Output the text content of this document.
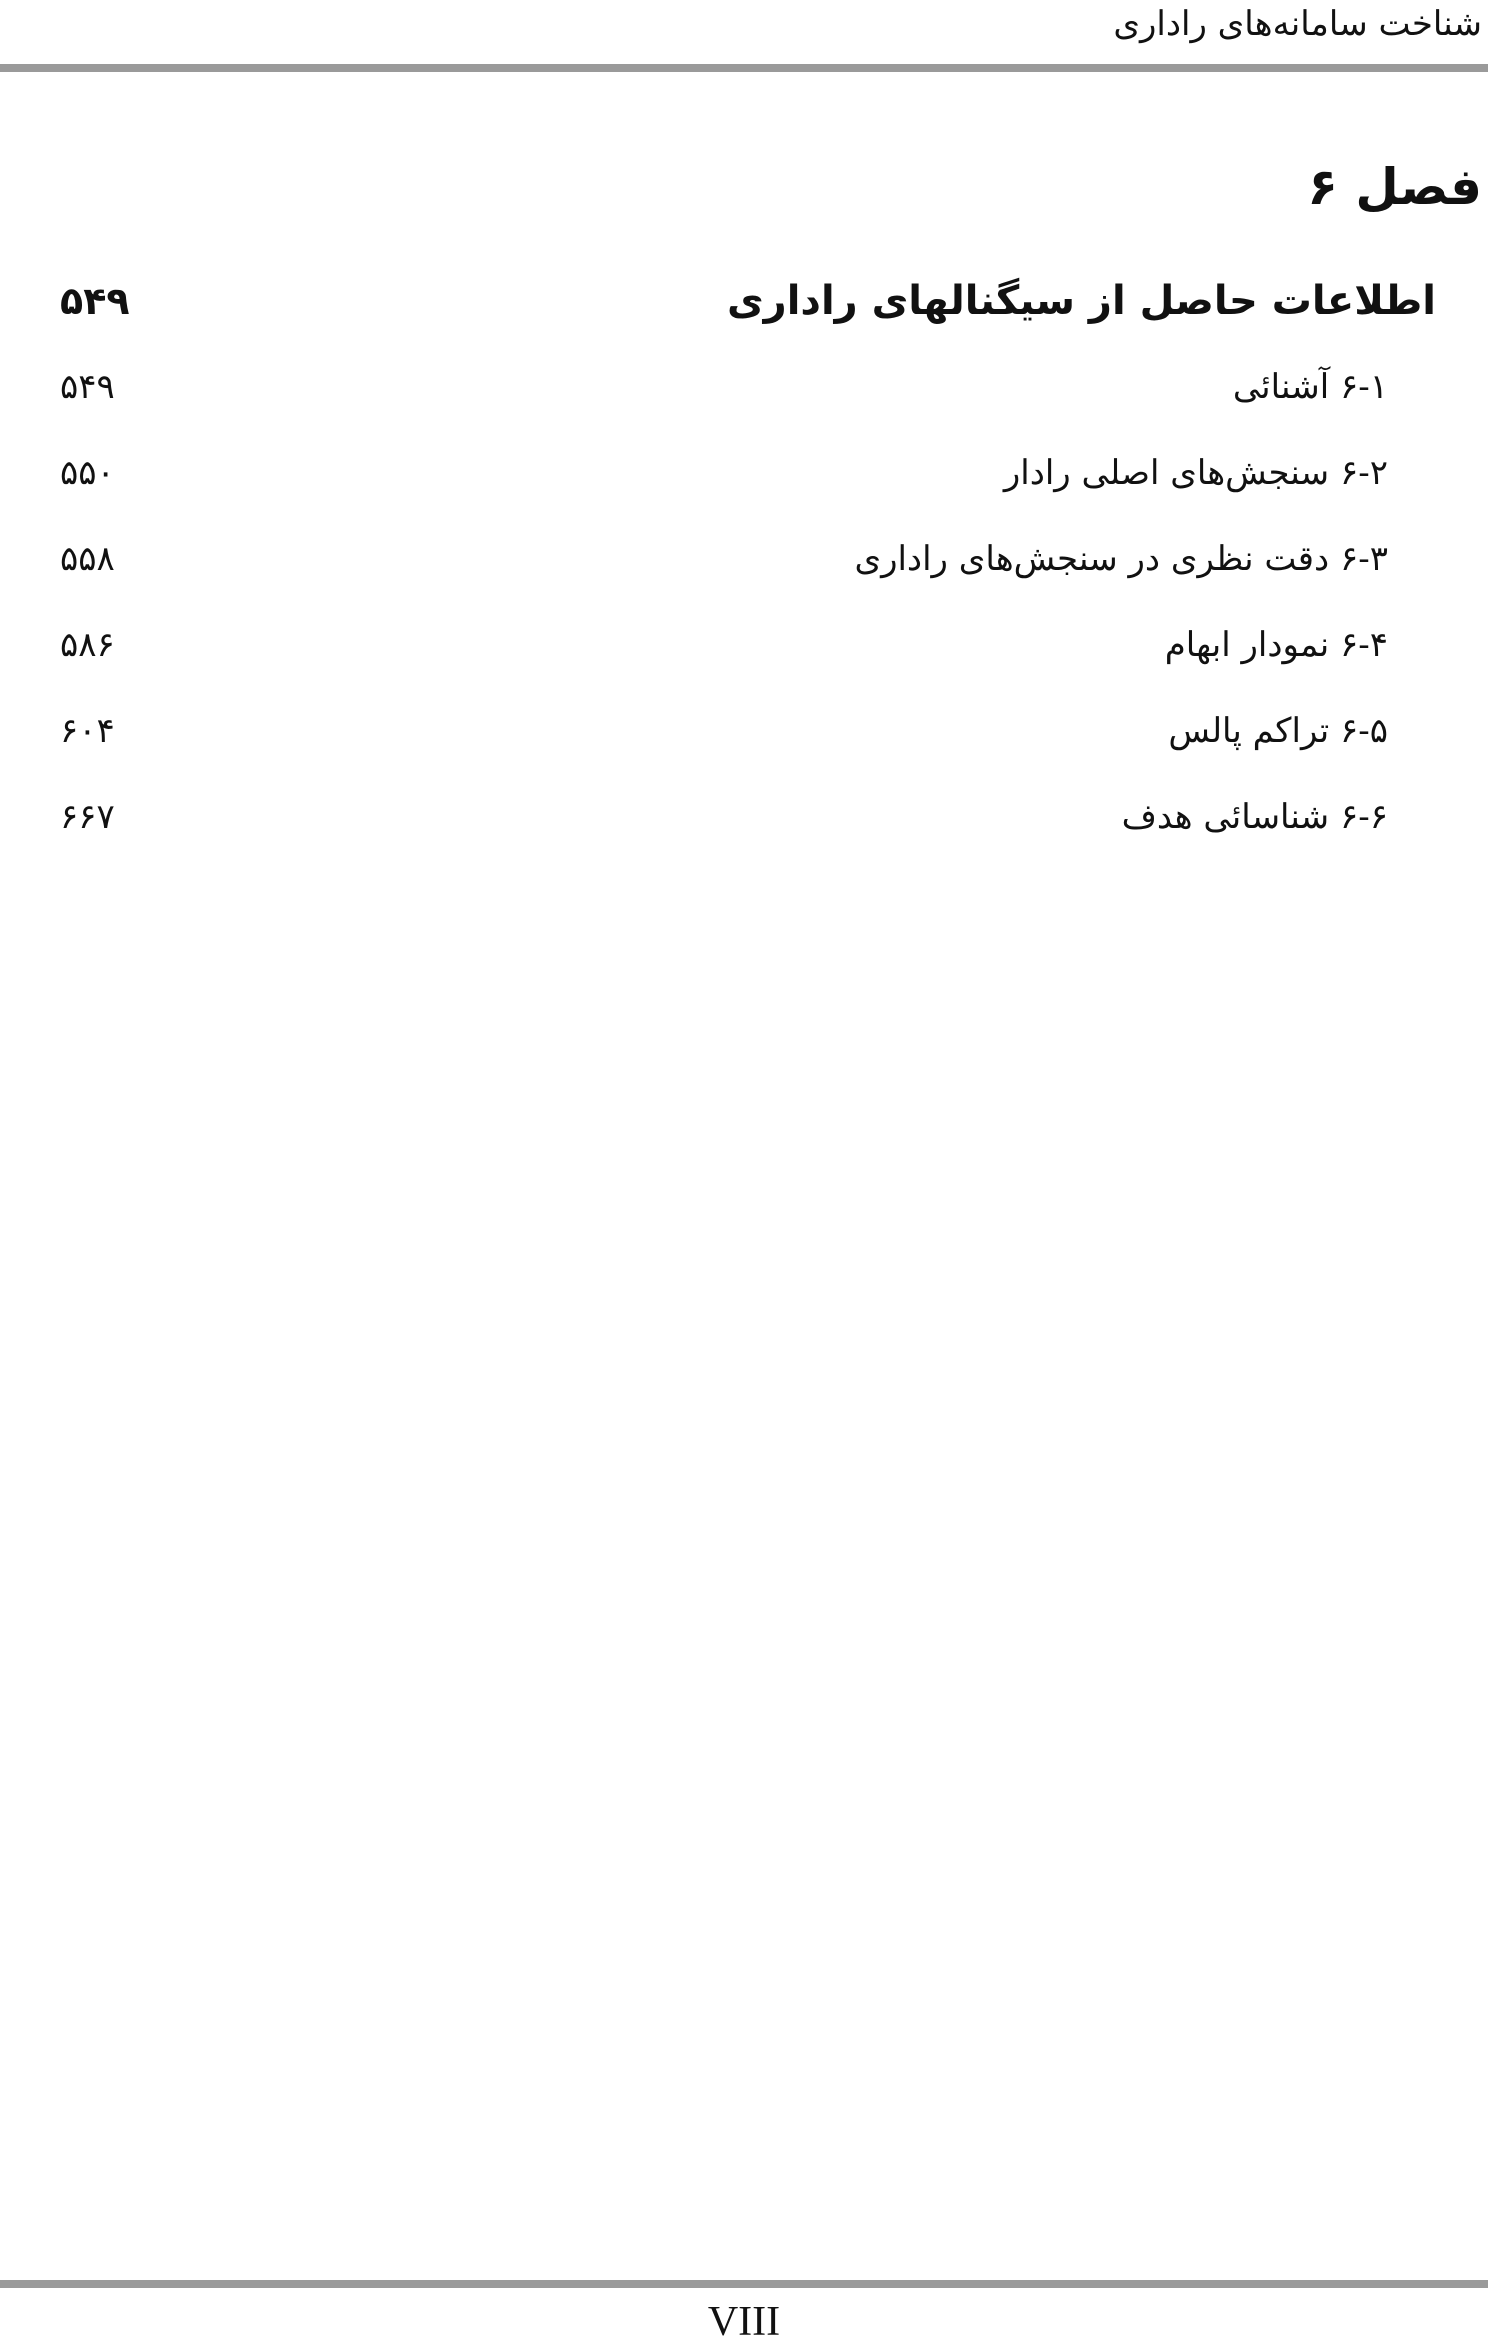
شناخت سامانه‌های راداری
فصل ۶
اطلاعات حاصل از سیگنالهای راداری
۵۴۹
۶-۱ آشنائی
۵۴۹
۶-۲ سنجش‌های اصلی رادار
۵۵۰
۶-۳ دقت نظری در سنجش‌های راداری
۵۵۸
۶-۴ نمودار ابهام
۵۸۶
۶-۵ تراکم پالس
۶۰۴
۶-۶ شناسائی هدف
۶۶۷
VIII
